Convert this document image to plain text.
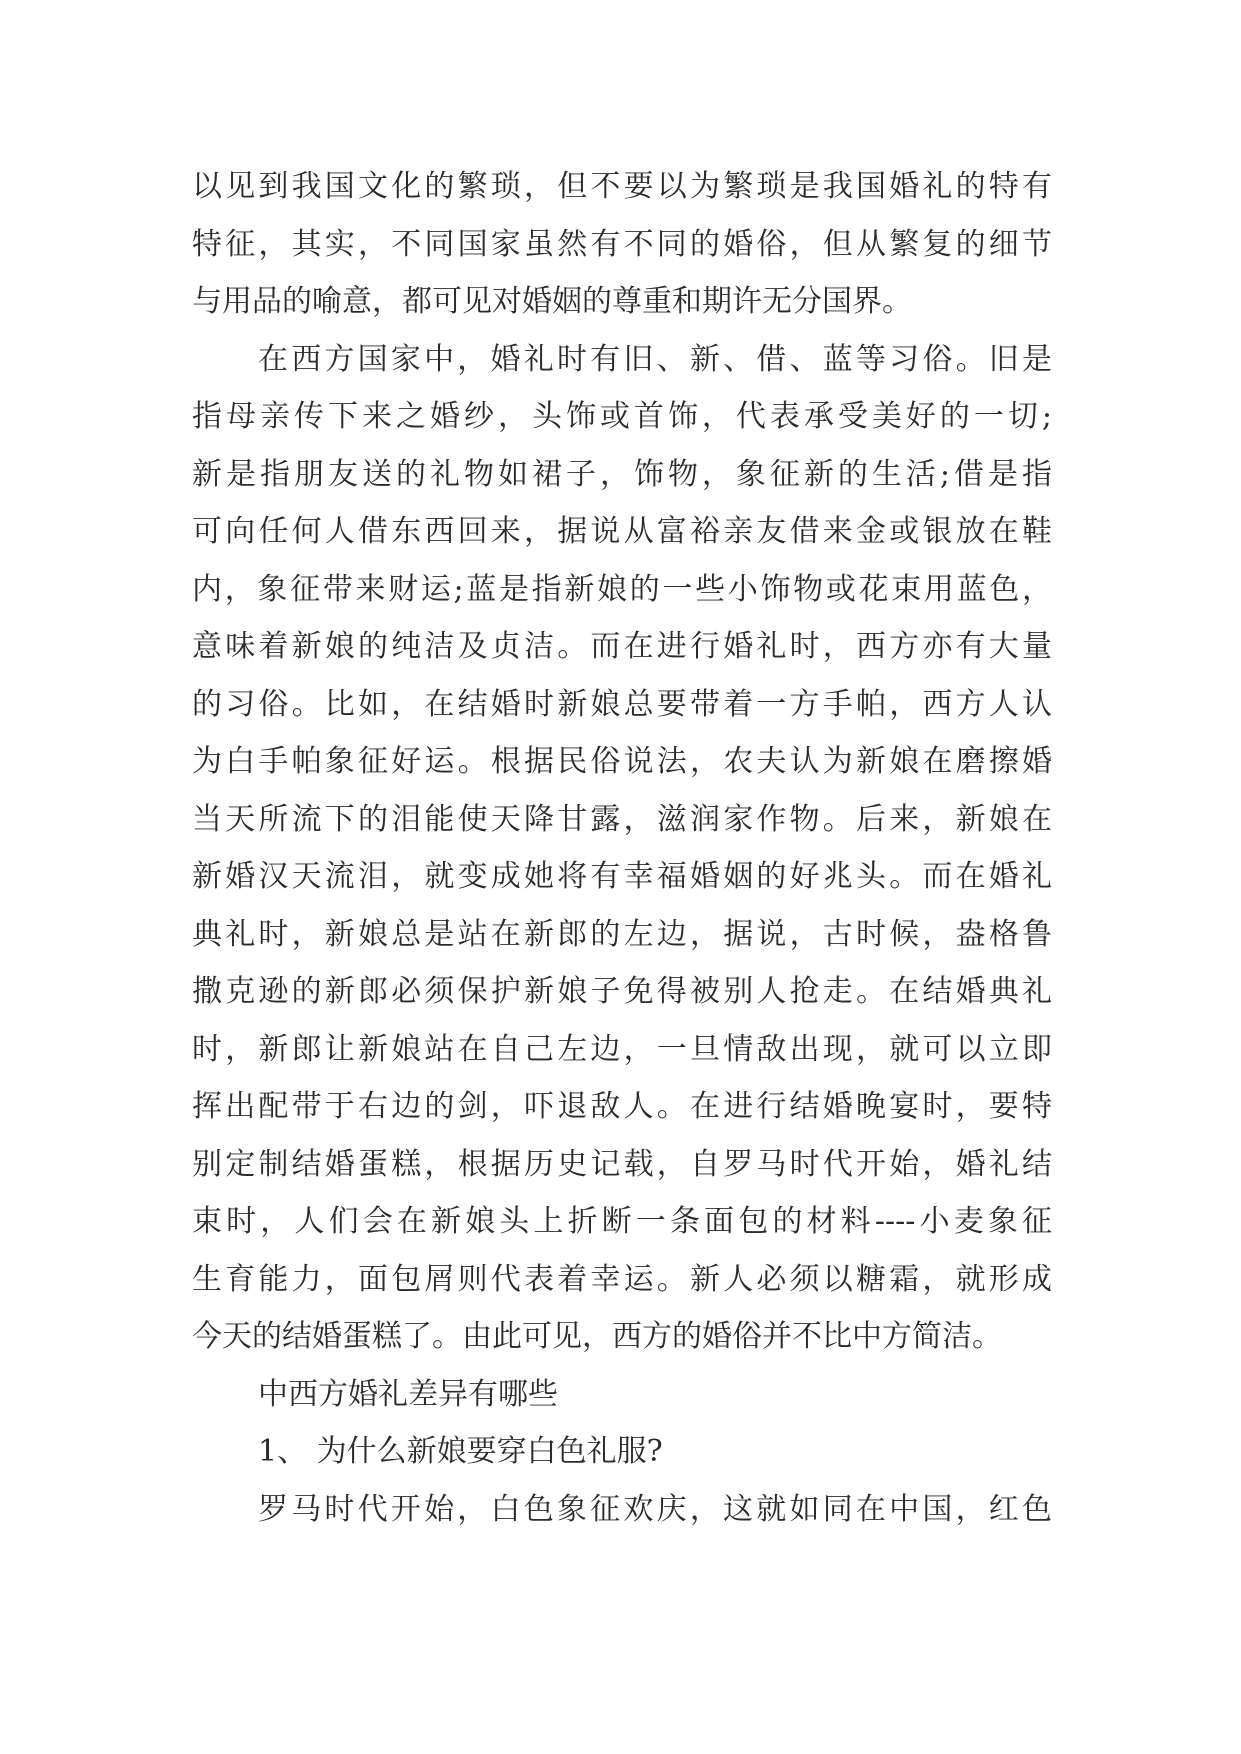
以见到我国文化的繁琐，但不要以为繁琐是我国婚礼的特有
特征，其实，不同国家虽然有不同的婚俗，但从繁复的细节
与用品的喻意，都可见对婚姻的尊重和期许无分国界。
在西方国家中，婚礼时有旧、新、借、蓝等习俗。旧是
指母亲传下来之婚纱，头饰或首饰，代表承受美好的一切;
新是指朋友送的礼物如裙子，饰物，象征新的生活;借是指
可向任何人借东西回来，据说从富裕亲友借来金或银放在鞋
内，象征带来财运;蓝是指新娘的一些小饰物或花束用蓝色，
意味着新娘的纯洁及贞洁。而在进行婚礼时，西方亦有大量
的习俗。比如，在结婚时新娘总要带着一方手帕，西方人认
为白手帕象征好运。根据民俗说法，农夫认为新娘在磨擦婚
当天所流下的泪能使天降甘露，滋润家作物。后来，新娘在
新婚汉天流泪，就变成她将有幸福婚姻的好兆头。而在婚礼
典礼时，新娘总是站在新郎的左边，据说，古时候，盎格鲁
撒克逊的新郎必须保护新娘子免得被别人抢走。在结婚典礼
时，新郎让新娘站在自己左边，一旦情敌出现，就可以立即
挥出配带于右边的剑，吓退敌人。在进行结婚晚宴时，要特
别定制结婚蛋糕，根据历史记载，自罗马时代开始，婚礼结
束时，人们会在新娘头上折断一条面包的材料----小麦象征
生育能力，面包屑则代表着幸运。新人必须以糖霜，就形成
今天的结婚蛋糕了。由此可见，西方的婚俗并不比中方简洁。
中西方婚礼差异有哪些
1、 为什么新娘要穿白色礼服?
罗马时代开始，白色象征欢庆，这就如同在中国，红色
